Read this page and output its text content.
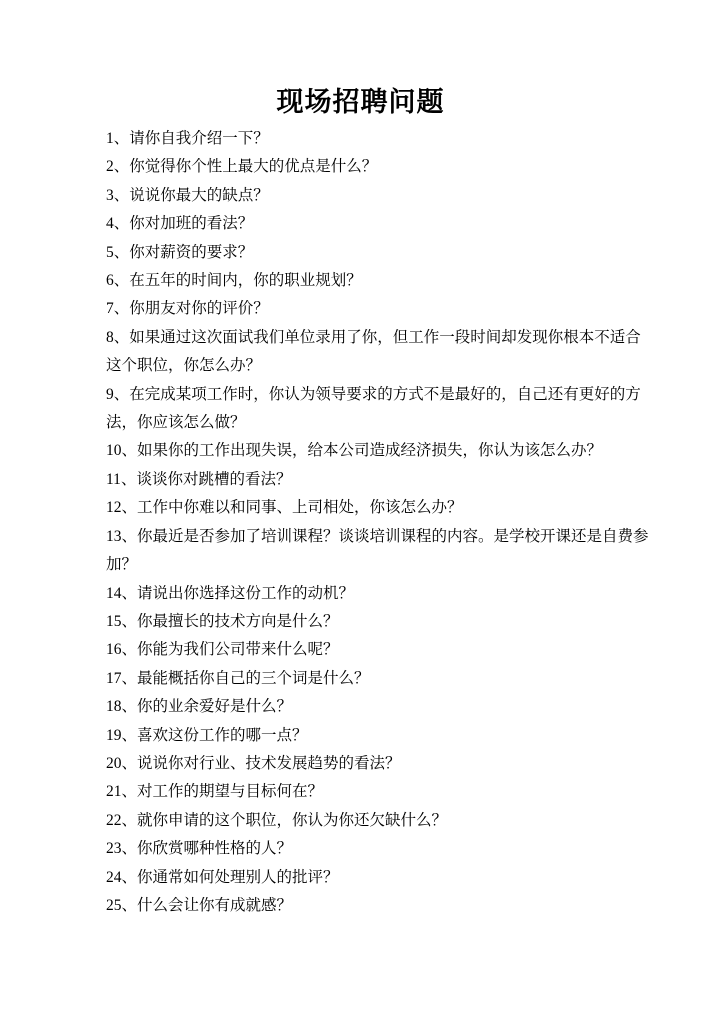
现场招聘问题

1、请你自我介绍一下？

2、你觉得你个性上最大的优点是什么？

3、说说你最大的缺点？

4、你对加班的看法？

5、你对薪资的要求？

6、在五年的时间内，你的职业规划？

7、你朋友对你的评价？

8、如果通过这次面试我们单位录用了你，但工作一段时间却发现你根本不适合这个职位，你怎么办？

9、在完成某项工作时，你认为领导要求的方式不是最好的，自己还有更好的方法，你应该怎么做？

10、如果你的工作出现失误，给本公司造成经济损失，你认为该怎么办？

11、谈谈你对跳槽的看法？

12、工作中你难以和同事、上司相处，你该怎么办？

13、你最近是否参加了培训课程？谈谈培训课程的内容。是学校开课还是自费参加？

14、请说出你选择这份工作的动机？

15、你最擅长的技术方向是什么？

16、你能为我们公司带来什么呢？

17、最能概括你自己的三个词是什么？

18、你的业余爱好是什么？

19、喜欢这份工作的哪一点？

20、说说你对行业、技术发展趋势的看法？

21、对工作的期望与目标何在？

22、就你申请的这个职位，你认为你还欠缺什么？

23、你欣赏哪种性格的人？

24、你通常如何处理别人的批评？

25、什么会让你有成就感？
